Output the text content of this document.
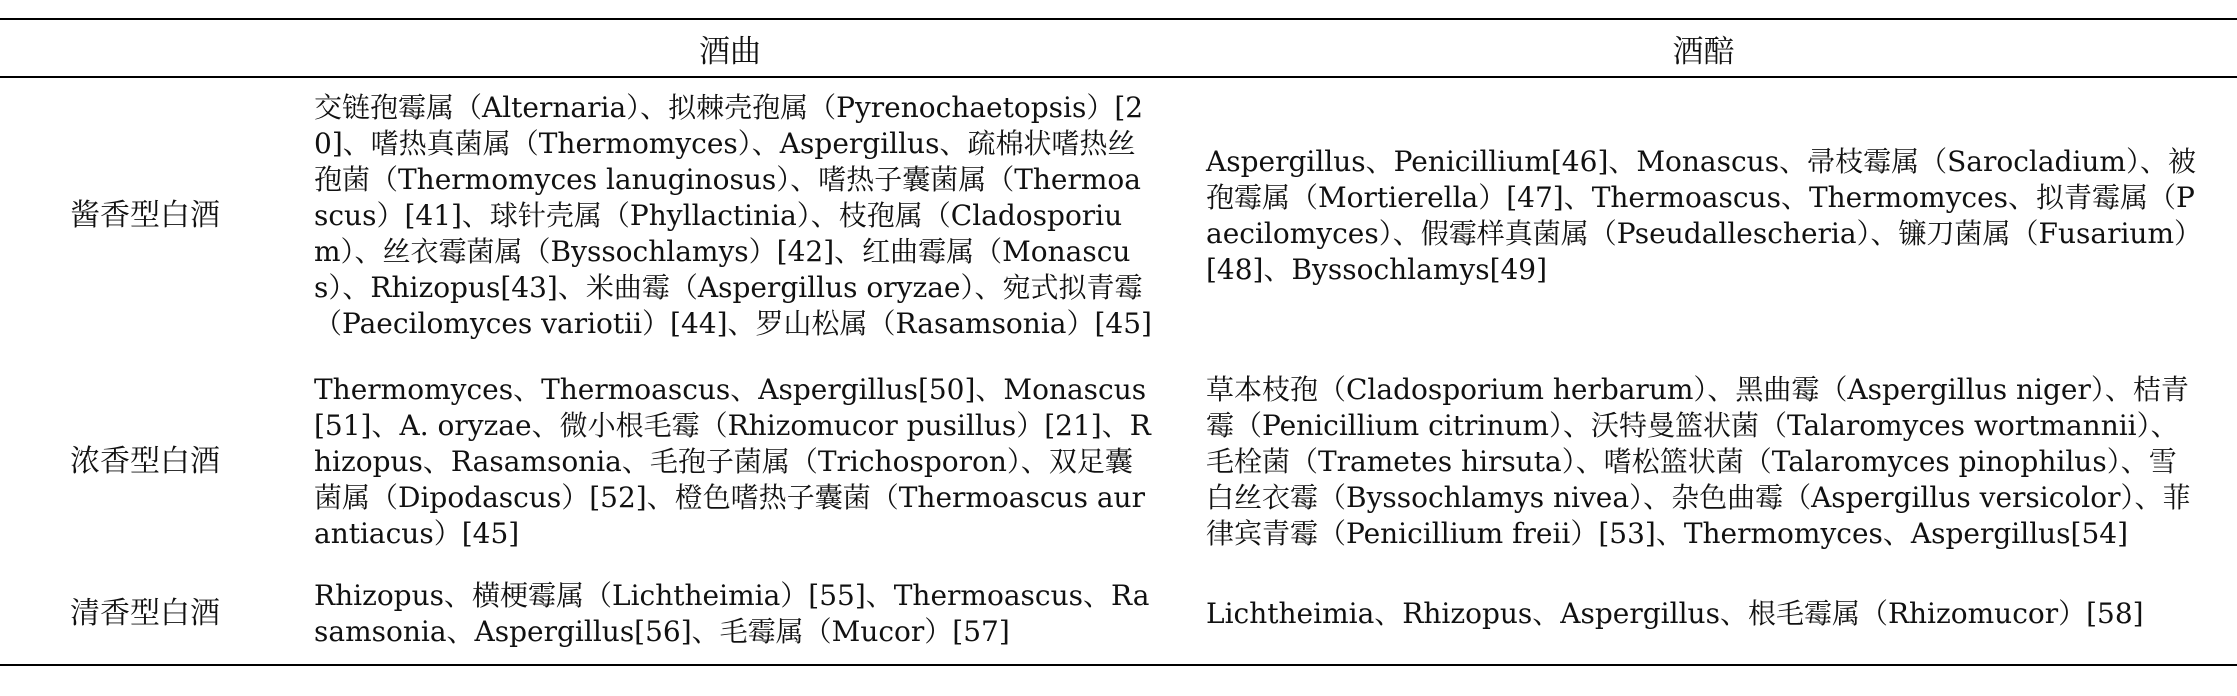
	酒曲	酒醅
酱香型白酒	交链孢霉属（Alternaria）、拟棘壳孢属（Pyrenochaetopsis）[20]、嗜热真菌属（Thermomyces）、Aspergillus、疏棉状嗜热丝孢菌（Thermomyces lanuginosus）、嗜热子囊菌属（Thermoascus）[41]、球针壳属（Phyllactinia）、枝孢属（Cladosporium）、丝衣霉菌属（Byssochlamys）[42]、红曲霉属（Monascus）、Rhizopus[43]、米曲霉（Aspergillus oryzae）、宛式拟青霉（Paecilomyces variotii）[44]、罗山松属（Rasamsonia）[45]	Aspergillus、Penicillium[46]、Monascus、帚枝霉属（Sarocladium）、被孢霉属（Mortierella）[47]、Thermoascus、Thermomyces、拟青霉属（Paecilomyces）、假霉样真菌属（Pseudallescheria）、镰刀菌属（Fusarium）[48]、Byssochlamys[49]
浓香型白酒	Thermomyces、Thermoascus、Aspergillus[50]、Monascus[51]、A. oryzae、微小根毛霉（Rhizomucor pusillus）[21]、Rhizopus、Rasamsonia、毛孢子菌属（Trichosporon）、双足囊菌属（Dipodascus）[52]、橙色嗜热子囊菌（Thermoascus aurantiacus）[45]	草本枝孢（Cladosporium herbarum）、黑曲霉（Aspergillus niger）、桔青霉（Penicillium citrinum）、沃特曼篮状菌（Talaromyces wortmannii）、毛栓菌（Trametes hirsuta）、嗜松篮状菌（Talaromyces pinophilus）、雪白丝衣霉（Byssochlamys nivea）、杂色曲霉（Aspergillus versicolor）、菲律宾青霉（Penicillium freii）[53]、Thermomyces、Aspergillus[54]
清香型白酒	Rhizopus、横梗霉属（Lichtheimia）[55]、Thermoascus、Rasamsonia、Aspergillus[56]、毛霉属（Mucor）[57]	Lichtheimia、Rhizopus、Aspergillus、根毛霉属（Rhizomucor）[58]
